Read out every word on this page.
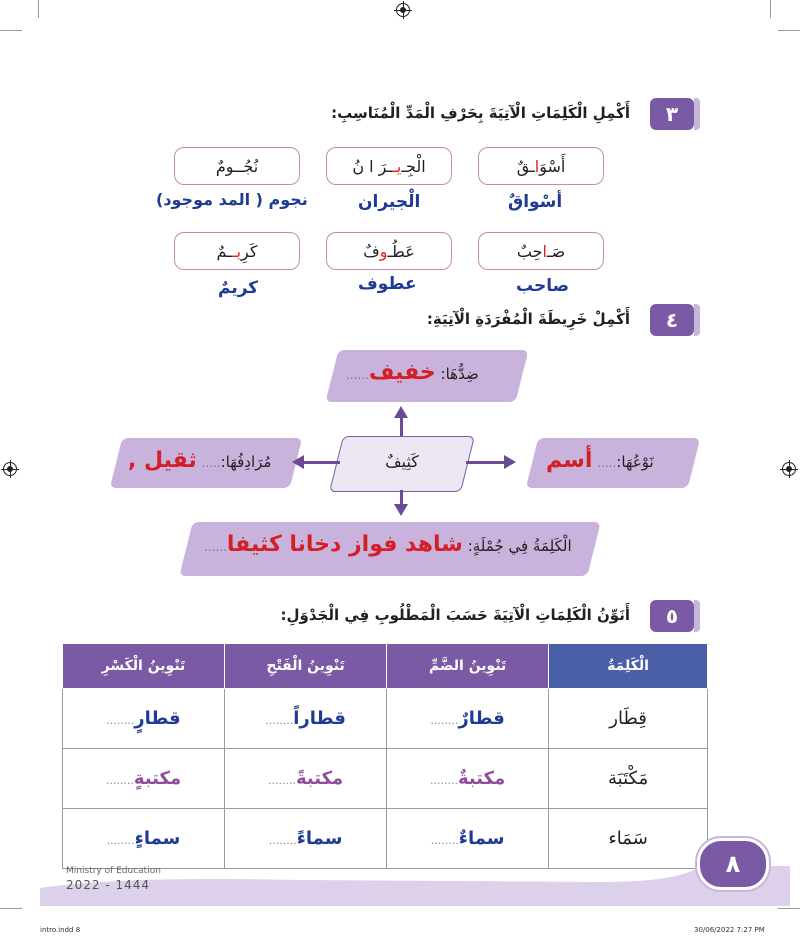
٣
أَكْمِلِ الْكَلِمَاتِ الْآتِيَةَ بِحَرْفِ الْمَدِّ الْمُنَاسِبِ:
أَسْوَ
ا
ـقٌ
الْجِـ
يـ
ـرَ ا نُ
نُجُـ
ـومٌ
أسْواقٌ
الْجيران
نجوم ( المد موجود)
صَـ
ا
حِبٌ
عَطُـ
و
فٌ
كَرِ
يـ
ـمٌ
صاحب
عطوف
كريمٌ
٤
أَكْمِلْ خَرِيطَةَ الْمُفْرَدَةِ الْآتِيَةِ:
ضِدُّهَا: خفيف......
مُرَادِفُهَا:..... ثقيل ,	نَوْعُهَا:..... أسم
كَثِيفٌ
الْكَلِمَةُ فِي جُمْلَةٍ: شاهد فواز دخانا كثيفا......
٥
أَنَوِّنُ الْكَلِمَاتِ الْآتِيَةَ حَسَبَ الْمَطْلُوبِ فِي الْجَدْوَلِ:
الْكَلِمَةُ	تَنْوِينُ الضَّمِّ	تَنْوِينُ الْفَتْحِ	تَنْوِينُ الْكَسْرِ
قِطَار	قطارٌ........	قطاراً........	قطارٍ........
مَكْتَبَة	مكتبةٌ........	مكتبةً........	مكتبةٍ........
سَمَاء	سماءٌ........	سماءً........	سماءٍ........
٨
Ministry of Education
2022 - 1444
intro.indd 8	30/06/2022 7:27 PM
